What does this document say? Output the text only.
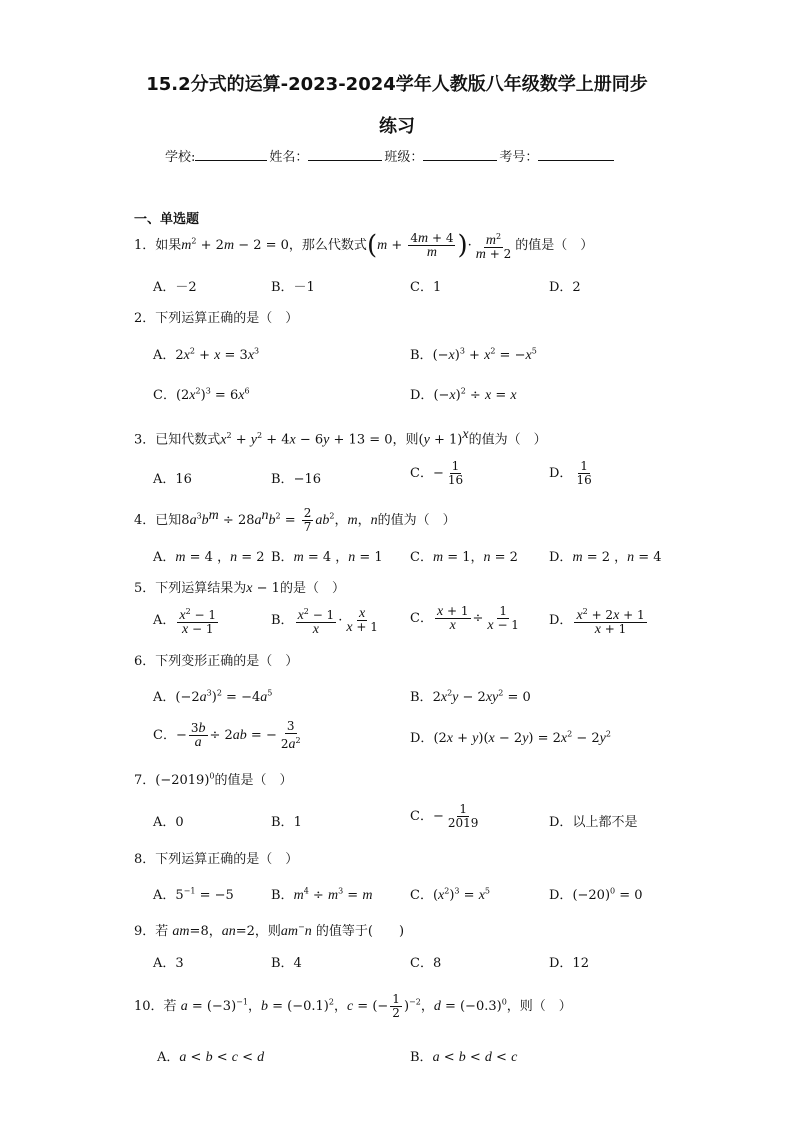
15.2分式的运算-2023-2024学年人教版八年级数学上册同步
练习
学校:	姓名：	班级：	考号：
一、单选题
1．如果$m^2 + 2m - 2 = 0$，那么代数式($m + \frac{4m + 4}{m}$ )· $\frac{m^2}{m + 2}$ 的值是（　）
A．－2	B．－1	C．1	D．2
2．下列运算正确的是（　）
A．$2x^2 + x = 3x^3$	B．$(-x)^3 + x^2 = -x^5$
C．$(2x^2)^3 = 6x^6$	D．$(-x)^2 \div x = x$
3．已知代数式$x^2 + y^2 + 4x - 6y + 13 = 0$，则$(y + 1)^x$的值为（　）
A．16	B．−16	C．− $\frac{1}{16}$	D． $\frac{1}{16}$
4．已知$8a^3b^m \div 28a^nb^2 = \frac{2}{7} ab^2$，m，n的值为（　）
A．m = 4 ，n = 2 B．m = 4 ，n = 1 C．m = 1，n = 2 D．m = 2 ，n = 4
5．下列运算结果为x − 1的是（　）
A． $\frac{x^2 - 1}{x - 1}$	B． $\frac{x^2 - 1}{x} \cdot \frac{x}{x + 1}$ C． $\frac{x + 1}{x} \div \frac{1}{x - 1}$ D． $\frac{x^2 + 2x + 1}{x + 1}$
6．下列变形正确的是（　）
A．$(-2a^3)^2 = -4a^5$	B．$2x^2y - 2xy^2 = 0$
C．− $\frac{3b}{a} \div 2ab$ = − $\frac{3}{2a^2}$	D．$(2x + y)(x - 2y) = 2x^2 - 2y^2$
7．$(-2019)^0$的值是（　）
A．0	B．1	C．− $\frac{1}{2019}$	D．以上都不是
8．下列运算正确的是（　）
A．$5^{-1} = -5$	B．$m^4 \div m^3 = m$	C．$(x^2)^3 = x^5$	D．$(-20)^0 = 0$
9．若 am=8，an=2，则am−n 的值等于(　　)
A．3	B．4	C．8	D．12
10．若 $a = (-3)^{-1}$，$b = (-0.1)^2$，c = (− $\frac{1}{2} )^{-2}$，$d = (-0.3)^0$，则（　）
A．a < b < c < d	B．a < b < d < c
